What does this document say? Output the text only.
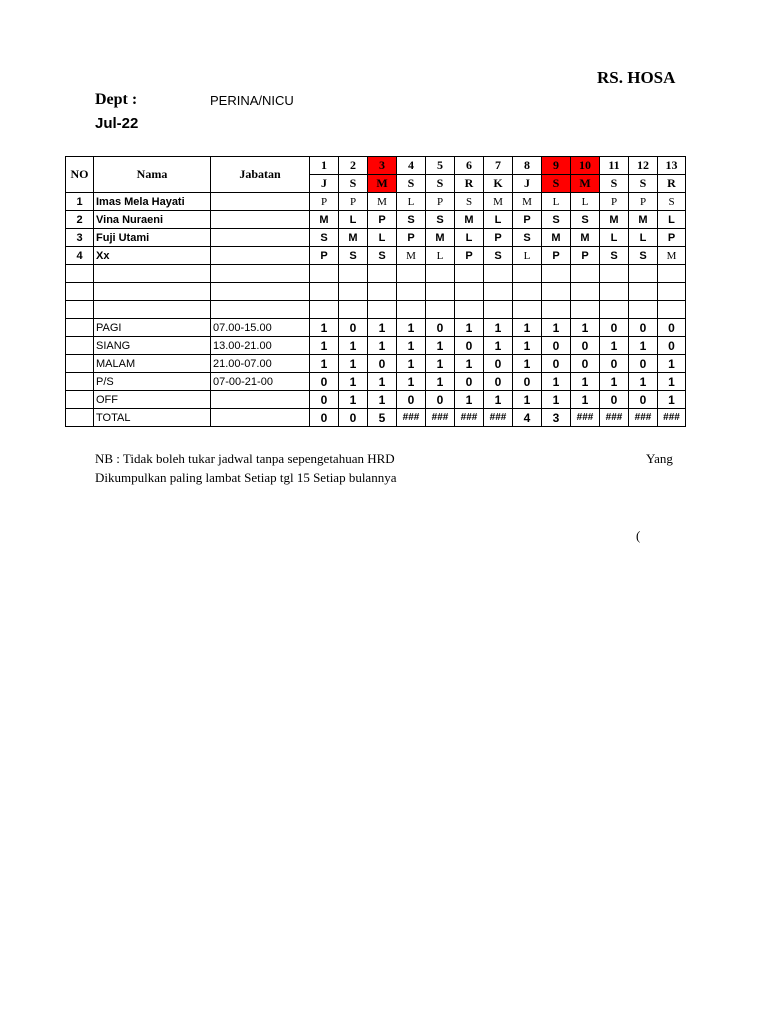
RS. HOSA
Dept :	PERINA/NICU
Jul-22
NO	Nama	Jabatan	1	2	3	4	5	6	7	8	9	10	11	12	13
			J	S	M	S	S	R	K	J	S	M	S	S	R
1	Imas Mela Hayati		P	P	M	L	P	S	M	M	L	L	P	P	S
2	Vina Nuraeni		M	L	P	S	S	M	L	P	S	S	M	M	L
3	Fuji Utami		S	M	L	P	M	L	P	S	M	M	L	L	P
4	Xx		P	S	S	M	L	P	S	L	P	P	S	S	M

	PAGI	07.00-15.00	1	0	1	1	0	1	1	1	1	1	0	0	0
	SIANG	13.00-21.00	1	1	1	1	1	0	1	1	0	0	1	1	0
	MALAM	21.00-07.00	1	1	0	1	1	1	0	1	0	0	0	0	1
	P/S	07-00-21-00	0	1	1	1	1	0	0	0	1	1	1	1	1
	OFF		0	1	1	0	0	1	1	1	1	1	0	0	1
	TOTAL		0	0	5	###	###	###	###	4	3	###	###	###	###
NB : Tidak boleh tukar jadwal tanpa sepengetahuan HRD
Dikumpulkan paling lambat Setiap tgl 15 Setiap bulannya
Yang
(
